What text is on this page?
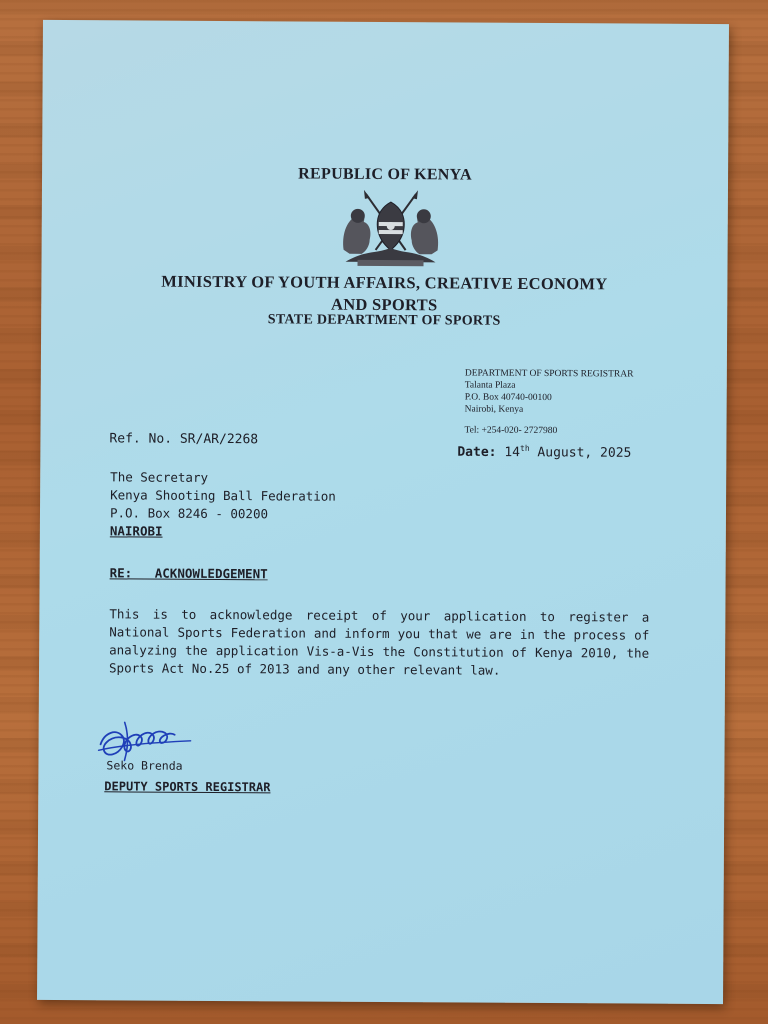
REPUBLIC OF KENYA
MINISTRY OF YOUTH AFFAIRS, CREATIVE ECONOMY
AND SPORTS
STATE DEPARTMENT OF SPORTS
DEPARTMENT OF SPORTS REGISTRAR
Talanta Plaza
P.O. Box 40740-00100
Nairobi, Kenya
Tel: +254-020- 2727980
Ref. No. SR/AR/2268
Date: 14th August, 2025
The Secretary
Kenya Shooting Ball Federation
P.O. Box 8246 - 00200
NAIROBI
RE:   ACKNOWLEDGEMENT
This is to acknowledge receipt of your application to register a National Sports Federation and inform you that we are in the process of analyzing the application Vis-a-Vis the Constitution of Kenya 2010, the Sports Act No.25 of 2013 and any other relevant law.
Seko Brenda
DEPUTY SPORTS REGISTRAR
